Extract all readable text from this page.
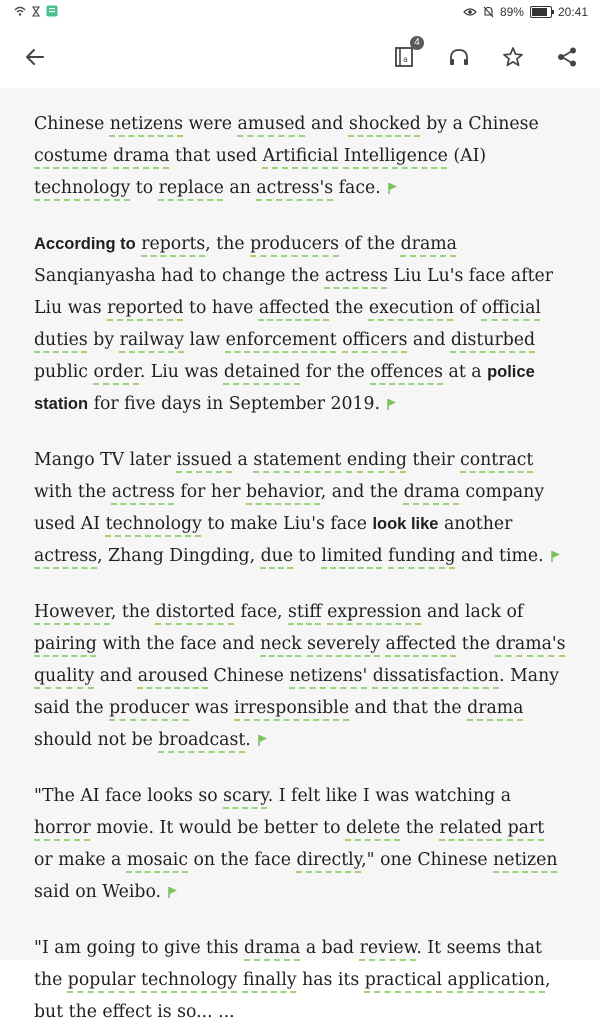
89%	20:41
a
4

Chinese netizens were amused and shocked by a Chinese costume drama that used Artificial Intelligence (AI) technology to replace an actress's face.

According to reports, the producers of the drama Sanqianyasha had to change the actress Liu Lu's face after Liu was reported to have affected the execution of official duties by railway law enforcement officers and disturbed public order. Liu was detained for the offences at a police station for five days in September 2019.

Mango TV later issued a statement ending their contract with the actress for her behavior, and the drama company used AI technology to make Liu's face look like another actress, Zhang Dingding, due to limited funding and time.

However, the distorted face, stiff expression and lack of pairing with the face and neck severely affected the drama's quality and aroused Chinese netizens' dissatisfaction. Many said the producer was irresponsible and that the drama should not be broadcast.

"The AI face looks so scary. I felt like I was watching a horror movie. It would be better to delete the related part or make a mosaic on the face directly," one Chinese netizen said on Weibo.

"I am going to give this drama a bad review. It seems that the popular technology finally has its practical application, but the effect is so... ...
